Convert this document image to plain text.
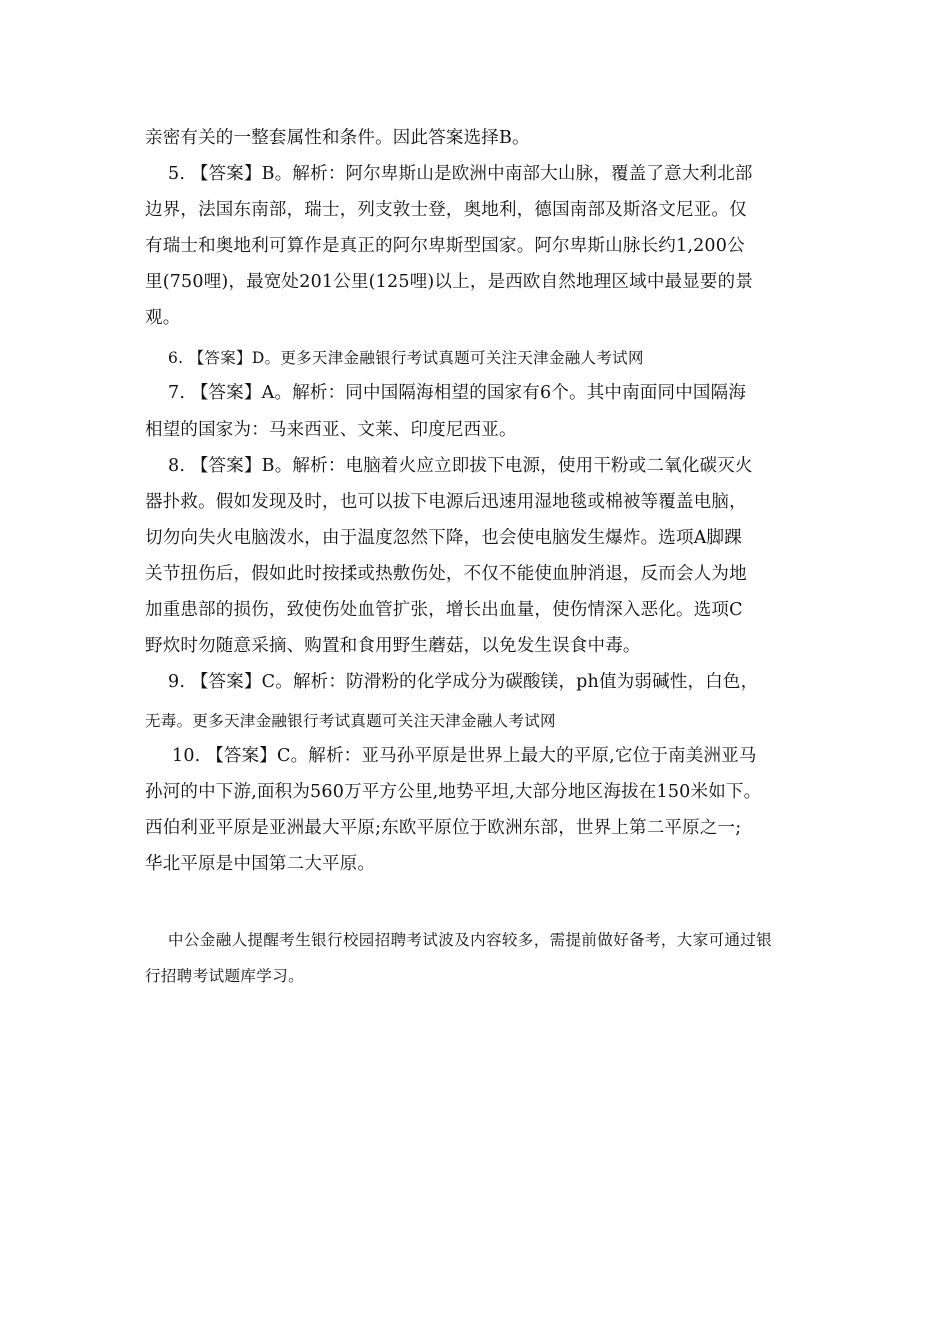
亲密有关的一整套属性和条件。因此答案选择B。
5. 【答案】B。解析：阿尔卑斯山是欧洲中南部大山脉，覆盖了意大利北部
边界，法国东南部，瑞士，列支敦士登，奥地利，德国南部及斯洛文尼亚。仅
有瑞士和奥地利可算作是真正的阿尔卑斯型国家。阿尔卑斯山脉长约1,200公
里(750哩)，最宽处201公里(125哩)以上，是西欧自然地理区域中最显要的景
观。
6. 【答案】D。更多天津金融银行考试真题可关注天津金融人考试网
7. 【答案】A。解析：同中国隔海相望的国家有6个。其中南面同中国隔海
相望的国家为：马来西亚、文莱、印度尼西亚。
8. 【答案】B。解析：电脑着火应立即拔下电源，使用干粉或二氧化碳灭火
器扑救。假如发现及时，也可以拔下电源后迅速用湿地毯或棉被等覆盖电脑，
切勿向失火电脑泼水，由于温度忽然下降，也会使电脑发生爆炸。选项A脚踝
关节扭伤后，假如此时按揉或热敷伤处，不仅不能使血肿消退，反而会人为地
加重患部的损伤，致使伤处血管扩张，增长出血量，使伤情深入恶化。选项C
野炊时勿随意采摘、购置和食用野生蘑菇，以免发生误食中毒。
9. 【答案】C。解析：防滑粉的化学成分为碳酸镁，ph值为弱碱性，白色，
无毒。更多天津金融银行考试真题可关注天津金融人考试网
10. 【答案】C。解析：亚马孙平原是世界上最大的平原,它位于南美洲亚马
孙河的中下游,面积为560万平方公里,地势平坦,大部分地区海拔在150米如下。
西伯利亚平原是亚洲最大平原;东欧平原位于欧洲东部，世界上第二平原之一;
华北平原是中国第二大平原。
中公金融人提醒考生银行校园招聘考试波及内容较多，需提前做好备考，大家可通过银
行招聘考试题库学习。
